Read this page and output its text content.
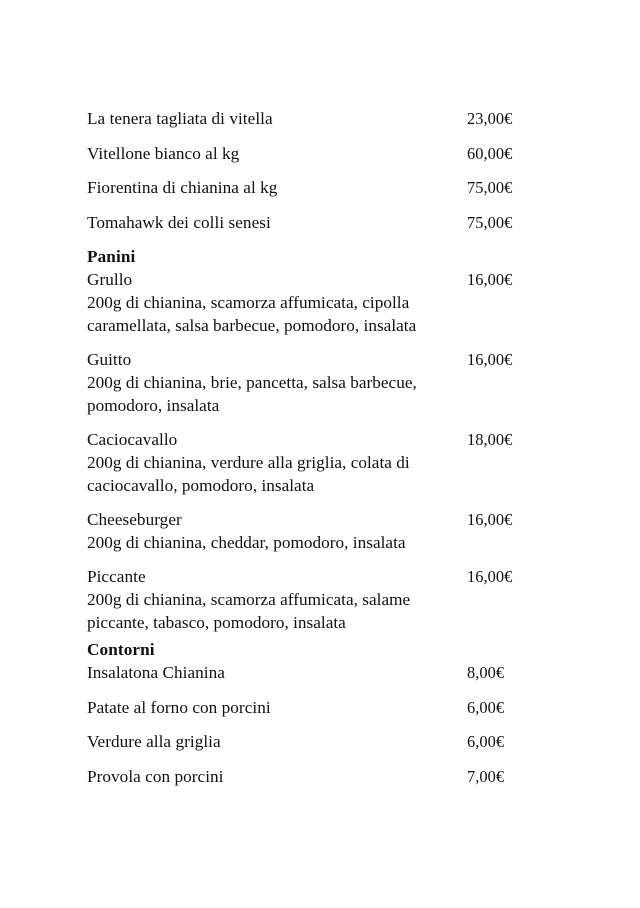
La tenera tagliata di vitella	23,00€
Vitellone bianco al kg	60,00€
Fiorentina di chianina al kg	75,00€
Tomahawk dei colli senesi	75,00€
Panini
Grullo	16,00€
200g di chianina, scamorza affumicata, cipolla
caramellata, salsa barbecue, pomodoro, insalata
Guitto	16,00€
200g di chianina, brie, pancetta, salsa barbecue,
pomodoro, insalata
Caciocavallo	18,00€
200g di chianina, verdure alla griglia, colata di
caciocavallo, pomodoro, insalata
Cheeseburger	16,00€
200g di chianina, cheddar, pomodoro, insalata
Piccante	16,00€
200g di chianina, scamorza affumicata, salame
piccante, tabasco, pomodoro, insalata
Contorni
Insalatona Chianina	8,00€
Patate al forno con porcini	6,00€
Verdure alla griglia	6,00€
Provola con porcini	7,00€
